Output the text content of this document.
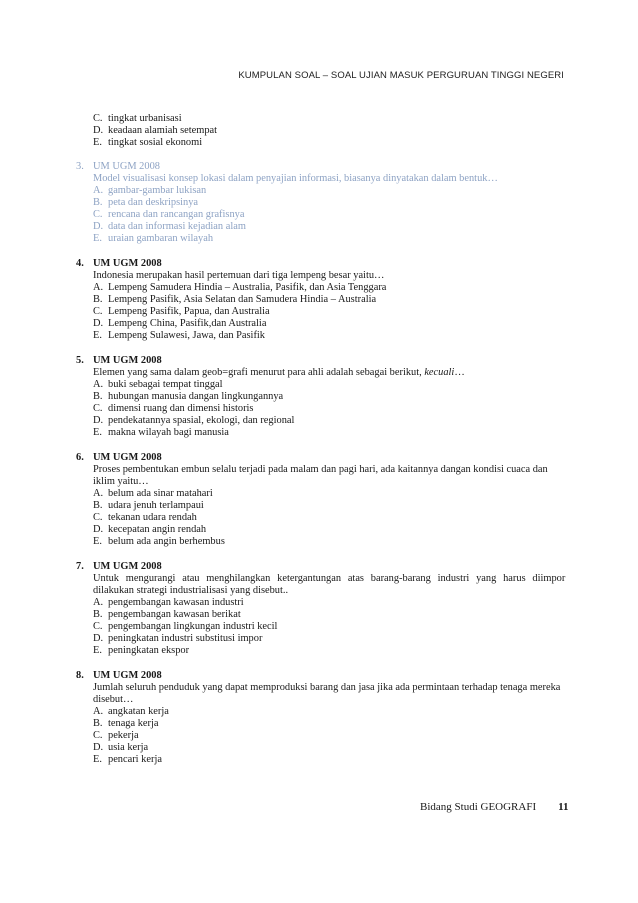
KUMPULAN SOAL – SOAL UJIAN MASUK PERGURUAN TINGGI NEGERI
C. tingkat urbanisasi
D. keadaan alamiah setempat
E. tingkat sosial ekonomi
3. UM UGM 2008
Model visualisasi konsep lokasi dalam penyajian informasi, biasanya dinyatakan dalam bentuk…
A. gambar-gambar lukisan
B. peta dan deskripsinya
C. rencana dan rancangan grafisnya
D. data dan informasi kejadian alam
E. uraian gambaran wilayah
4. UM UGM 2008
Indonesia merupakan hasil pertemuan dari tiga lempeng besar yaitu…
A. Lempeng Samudera Hindia – Australia, Pasifik, dan Asia Tenggara
B. Lempeng Pasifik, Asia Selatan dan Samudera Hindia – Australia
C. Lempeng Pasifik, Papua, dan Australia
D. Lempeng China, Pasifik,dan Australia
E. Lempeng Sulawesi, Jawa, dan Pasifik
5. UM UGM 2008
Elemen yang sama dalam geob=grafi menurut para ahli adalah sebagai berikut, kecuali…
A. buki sebagai tempat tinggal
B. hubungan manusia dangan lingkungannya
C. dimensi ruang dan dimensi historis
D. pendekatannya spasial, ekologi, dan regional
E. makna wilayah bagi manusia
6. UM UGM 2008
Proses pembentukan embun selalu terjadi pada malam dan pagi hari, ada kaitannya dangan kondisi cuaca dan
iklim yaitu…
A. belum ada sinar matahari
B. udara jenuh terlampaui
C. tekanan udara rendah
D. kecepatan angin rendah
E. belum ada angin berhembus
7. UM UGM 2008
Untuk mengurangi atau menghilangkan ketergantungan atas barang-barang industri yang harus diimpor
dilakukan strategi industrialisasi yang disebut..
A. pengembangan kawasan industri
B. pengembangan kawasan berikat
C. pengembangan lingkungan industri kecil
D. peningkatan industri substitusi impor
E. peningkatan ekspor
8. UM UGM 2008
Jumlah seluruh penduduk yang dapat memproduksi barang dan jasa jika ada permintaan terhadap tenaga mereka
disebut…
A. angkatan kerja
B. tenaga kerja
C. pekerja
D. usia kerja
E. pencari kerja
Bidang Studi GEOGRAFI 11
